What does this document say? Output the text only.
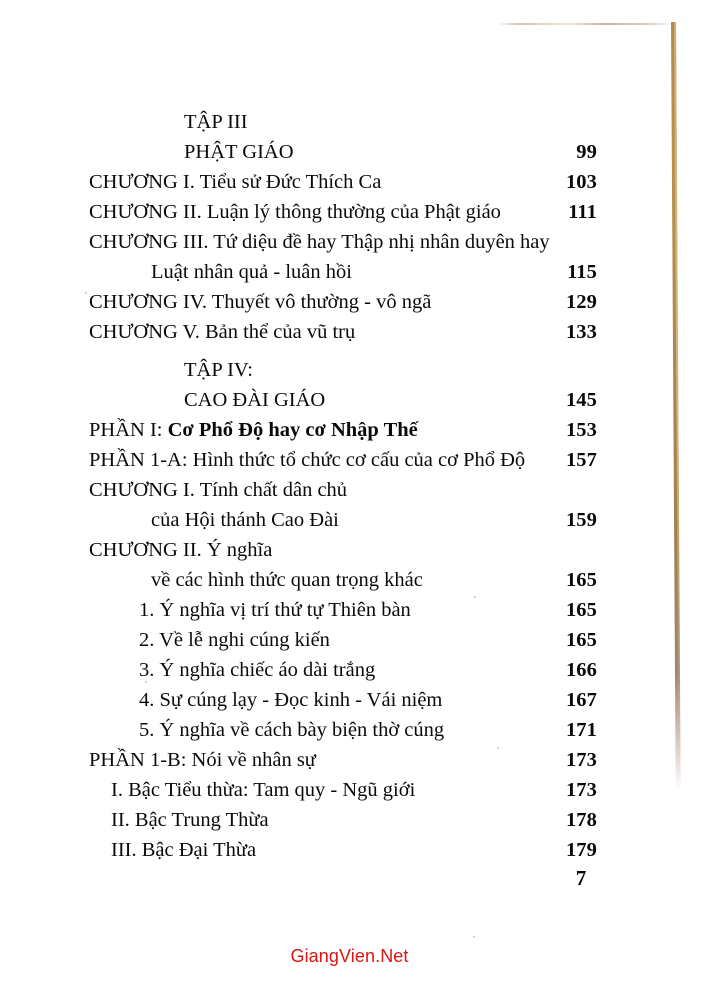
TẬP III
PHẬT GIÁO	99
CHƯƠNG I. Tiểu sử Đức Thích Ca	103
CHƯƠNG II. Luận lý thông thường của Phật giáo	111
CHƯƠNG III. Tứ diệu đề hay Thập nhị nhân duyên hay
Luật nhân quả - luân hồi	115
CHƯƠNG IV. Thuyết vô thường - vô ngã	129
CHƯƠNG V. Bản thể của vũ trụ	133
TẬP IV:
CAO ĐÀI GIÁO	145
PHẦN I: Cơ Phổ Độ hay cơ Nhập Thế	153
PHẦN 1-A: Hình thức tổ chức cơ cấu của cơ Phổ Độ	157
CHƯƠNG I. Tính chất dân chủ
của Hội thánh Cao Đài	159
CHƯƠNG II. Ý nghĩa
về các hình thức quan trọng khác	165
1. Ý nghĩa vị trí thứ tự Thiên bàn	165
2. Về lễ nghi cúng kiến	165
3. Ý nghĩa chiếc áo dài trắng	166
4. Sự cúng lạy - Đọc kinh - Vái niệm	167
5. Ý nghĩa về cách bày biện thờ cúng	171
PHẦN 1-B: Nói về nhân sự	173
I. Bậc Tiểu thừa: Tam quy - Ngũ giới	173
II. Bậc Trung Thừa	178
III. Bậc Đại Thừa	179
7
GiangVien.Net
